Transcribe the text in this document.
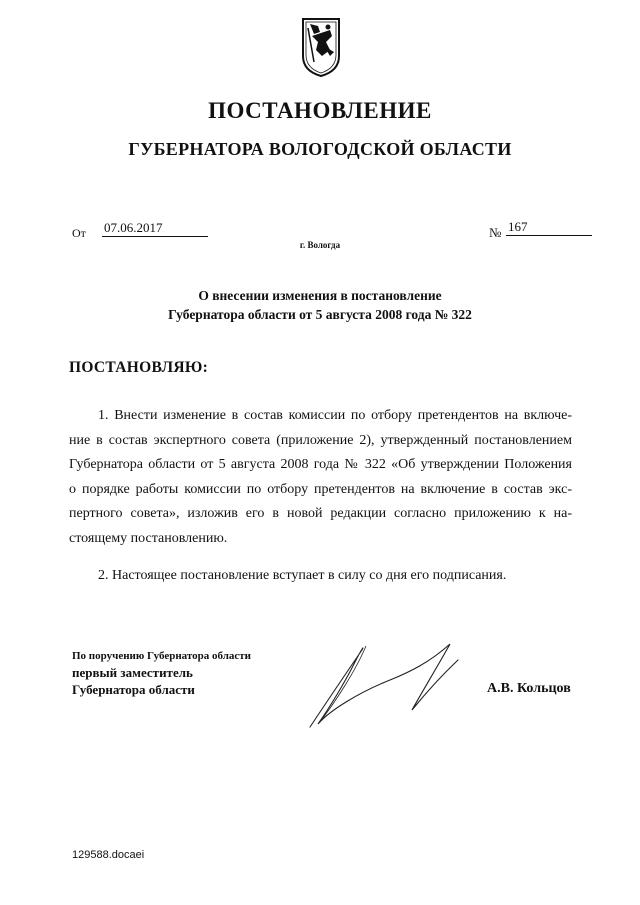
ПОСТАНОВЛЕНИЕ
ГУБЕРНАТОРА ВОЛОГОДСКОЙ ОБЛАСТИ
От 07.06.2017	№ 167
г. Вологда
О внесении изменения в постановление
Губернатора области от 5 августа 2008 года № 322
ПОСТАНОВЛЯЮ:
1. Внести изменение в состав комиссии по отбору претендентов на включе-
ние в состав экспертного совета (приложение 2), утвержденный постановлением
Губернатора области от 5 августа 2008 года № 322 «Об утверждении Положения
о порядке работы комиссии по отбору претендентов на включение в состав экс-
пертного совета», изложив его в новой редакции согласно приложению к на-
стоящему постановлению.
2. Настоящее постановление вступает в силу со дня его подписания.
По поручению Губернатора области
первый заместитель
Губернатора области	А.В. Кольцов
129588.docaei
